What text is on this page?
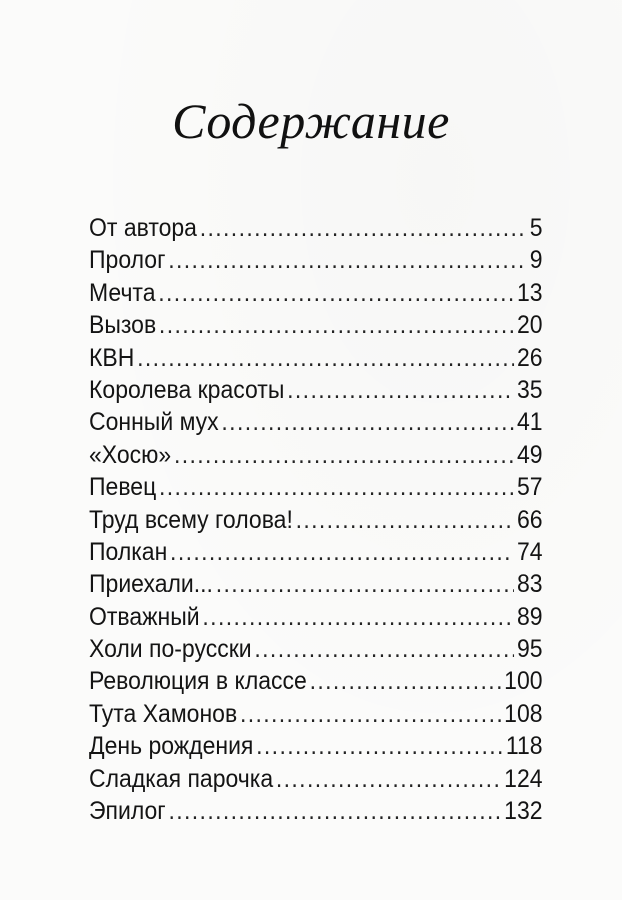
Содержание
От автора .....	5
Пролог .....	9
Мечта .....	13
Вызов .....	20
КВН .....	26
Королева красоты .....	35
Сонный мух .....	41
«Хосю» .....	49
Певец .....	57
Труд всему голова! .....	66
Полкан .....	74
Приехали... .....	83
Отважный .....	89
Холи по-русски .....	95
Революция в классе .....	100
Тута Хамонов .....	108
День рождения .....	118
Сладкая парочка .....	124
Эпилог .....	132
